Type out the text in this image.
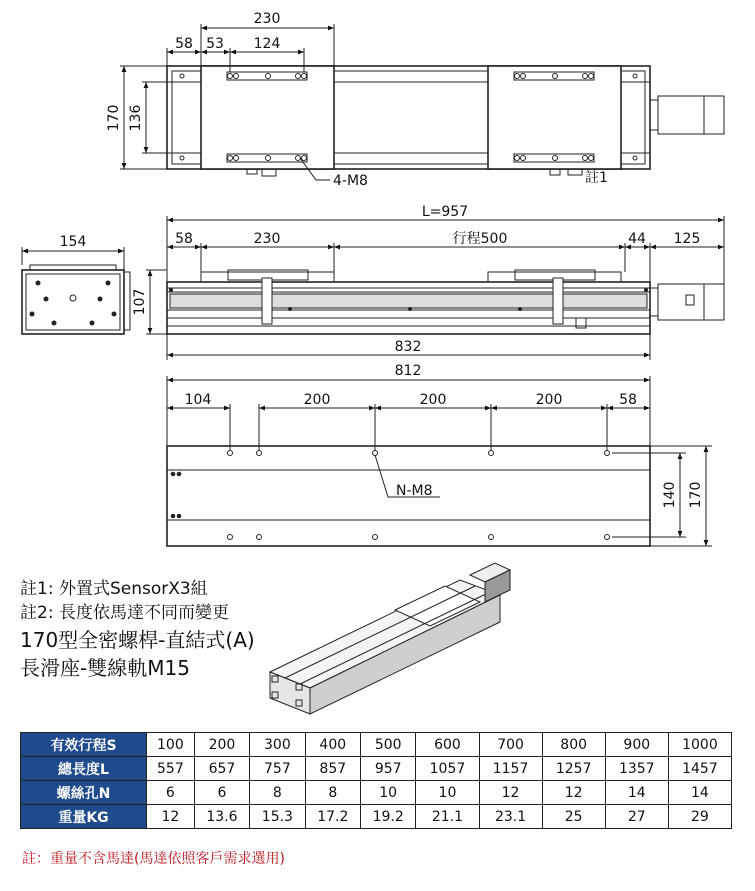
230
58 53 124
170 136
4-M8	註1
L=957
154	58	230	行程500	44 125
107
832
812
104	200	200	200	58
N-M8	140 170
註1: 外置式SensorX3組
註2: 長度依馬達不同而變更
170型全密螺桿-直結式(A)
長滑座-雙線軌M15
有效行程S	100	200	300	400	500	600	700	800	900	1000
總長度L	557	657	757	857	957	1057	1157	1257	1357	1457
螺絲孔N	6	6	8	8	10	10	12	12	14	14
重量KG	12	13.6	15.3	17.2	19.2	21.1	23.1	25	27	29
註：重量不含馬達(馬達依照客戶需求選用)
